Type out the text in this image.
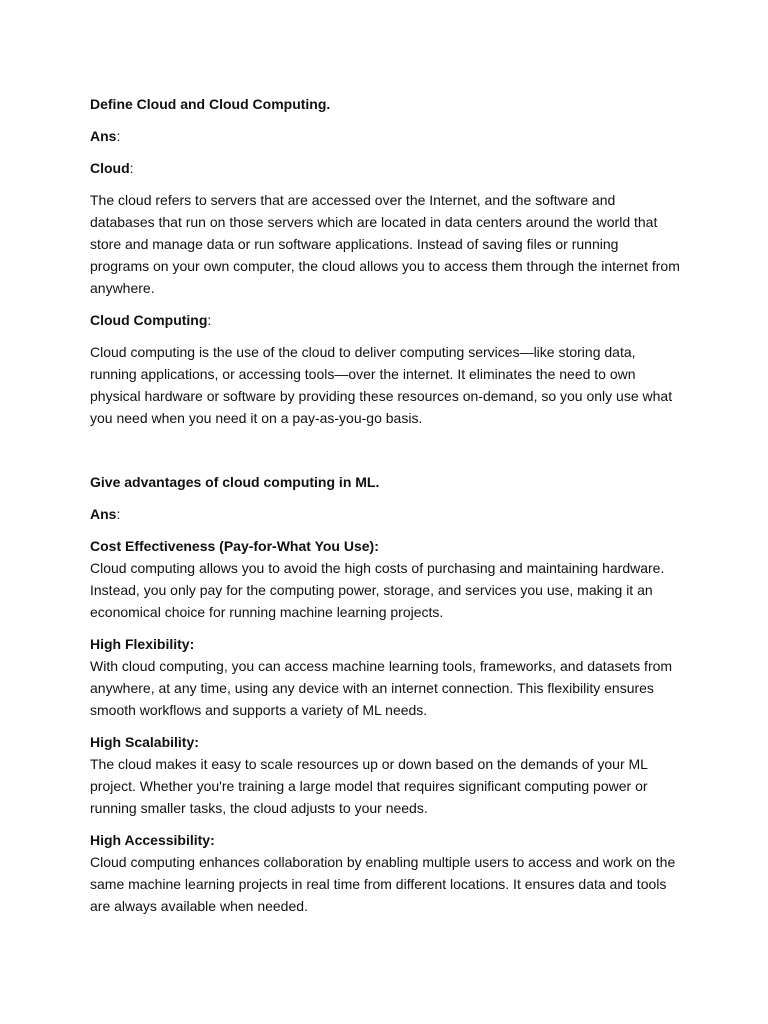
Define Cloud and Cloud Computing.

Ans:

Cloud:

The cloud refers to servers that are accessed over the Internet, and the software and databases that run on those servers which are located in data centers around the world that store and manage data or run software applications. Instead of saving files or running programs on your own computer, the cloud allows you to access them through the internet from anywhere.

Cloud Computing:

Cloud computing is the use of the cloud to deliver computing services—like storing data, running applications, or accessing tools—over the internet. It eliminates the need to own physical hardware or software by providing these resources on-demand, so you only use what you need when you need it on a pay-as-you-go basis.

Give advantages of cloud computing in ML.

Ans:

Cost Effectiveness (Pay-for-What You Use):

Cloud computing allows you to avoid the high costs of purchasing and maintaining hardware. Instead, you only pay for the computing power, storage, and services you use, making it an economical choice for running machine learning projects.

High Flexibility:

With cloud computing, you can access machine learning tools, frameworks, and datasets from anywhere, at any time, using any device with an internet connection. This flexibility ensures smooth workflows and supports a variety of ML needs.

High Scalability:

The cloud makes it easy to scale resources up or down based on the demands of your ML project. Whether you're training a large model that requires significant computing power or running smaller tasks, the cloud adjusts to your needs.

High Accessibility:

Cloud computing enhances collaboration by enabling multiple users to access and work on the same machine learning projects in real time from different locations. It ensures data and tools are always available when needed.
